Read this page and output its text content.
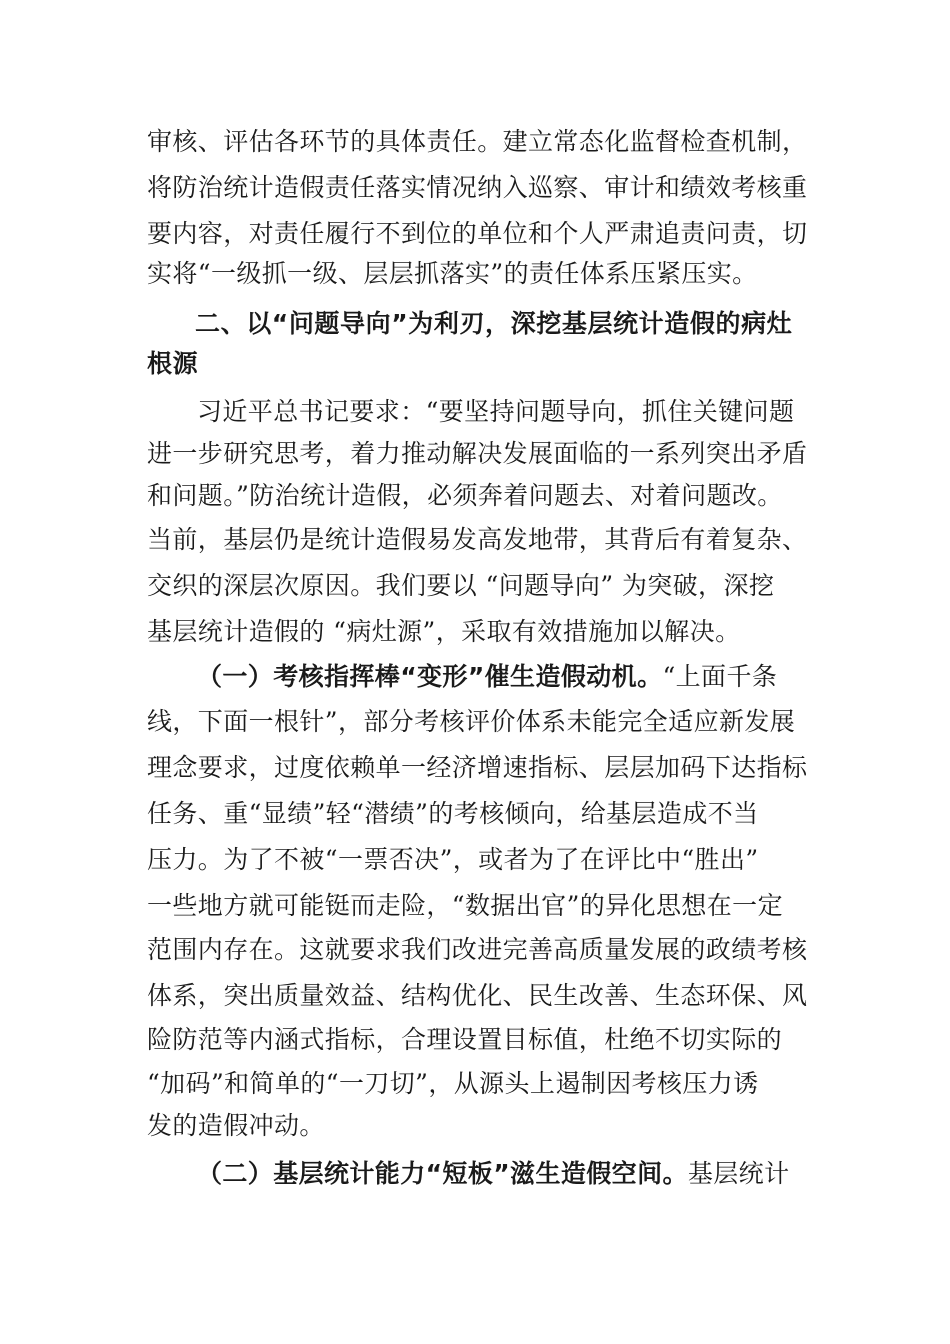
审核、评估各环节的具体责任。建立常态化监督检查机制，
将防治统计造假责任落实情况纳入巡察、审计和绩效考核重
要内容，对责任履行不到位的单位和个人严肃追责问责，切
实将“一级抓一级、层层抓落实”的责任体系压紧压实。
二、以“问题导向”为利刃，深挖基层统计造假的病灶
根源
习近平总书记要求：“要坚持问题导向，抓住关键问题
进一步研究思考，着力推动解决发展面临的一系列突出矛盾
和问题。”防治统计造假，必须奔着问题去、对着问题改。
当前，基层仍是统计造假易发高发地带，其背后有着复杂、
交织的深层次原因。我们要以 “问题导向” 为突破，深挖
基层统计造假的 “病灶源”，采取有效措施加以解决。
（一）考核指挥棒“变形”催生造假动机。“上面千条
线，下面一根针”，部分考核评价体系未能完全适应新发展
理念要求，过度依赖单一经济增速指标、层层加码下达指标
任务、重“显绩”轻“潜绩”的考核倾向，给基层造成不当
压力。为了不被“一票否决”，或者为了在评比中“胜出”
一些地方就可能铤而走险，“数据出官”的异化思想在一定
范围内存在。这就要求我们改进完善高质量发展的政绩考核
体系，突出质量效益、结构优化、民生改善、生态环保、风
险防范等内涵式指标，合理设置目标值，杜绝不切实际的
“加码”和简单的“一刀切”，从源头上遏制因考核压力诱
发的造假冲动。
（二）基层统计能力“短板”滋生造假空间。基层统计
